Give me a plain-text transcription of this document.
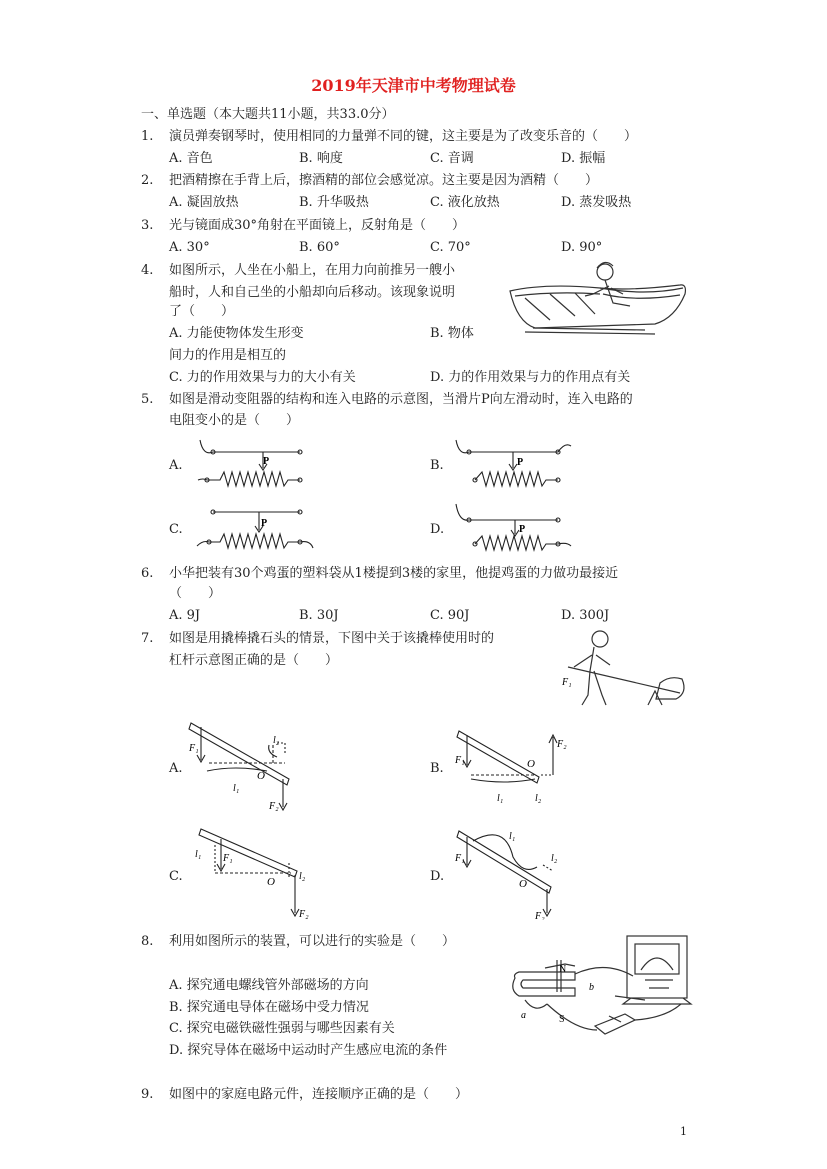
2019年天津市中考物理试卷
一、单选题（本大题共11小题，共33.0分）
1. 演员弹奏钢琴时，使用相同的力量弹不同的键，这主要是为了改变乐音的（　　）
A. 音色	B. 响度	C. 音调	D. 振幅
2. 把酒精擦在手背上后，擦酒精的部位会感觉凉。这主要是因为酒精（　　）
A. 凝固放热	B. 升华吸热	C. 液化放热	D. 蒸发吸热
3. 光与镜面成30°角射在平面镜上，反射角是（　　）
A. 30°	B. 60°	C. 70°	D. 90°
4. 如图所示，人坐在小船上，在用力向前推另一艘小
船时，人和自己坐的小船却向后移动。该现象说明
了（　　）
A. 力能使物体发生形变	B. 物体
间力的作用是相互的
C. 力的作用效果与力的大小有关	D. 力的作用效果与力的作用点有关
5. 如图是滑动变阻器的结构和连入电路的示意图，当滑片P向左滑动时，连入电路的
电阻变小的是（　　）
A.	B.
C.	D.
P	P
P
P
6. 小华把装有30个鸡蛋的塑料袋从1楼提到3楼的家里，他提鸡蛋的力做功最接近
（　　）
A. 9J	B. 30J	C. 90J	D. 300J
7. 如图是用撬棒撬石头的情景，下图中关于该撬棒使用时的
杠杆示意图正确的是（　　）
F₁
A.	B.
C.	D.
F₁
l₁
l₂
O
F₂
F₁
l₁	l₂
O
F₂
l₁ F₁
O l₂
F₂
F₁
l₁
l₂
O
F₂
8. 利用如图所示的装置，可以进行的实验是（　　）
A. 探究通电螺线管外部磁场的方向
B. 探究通电导体在磁场中受力情况
C. 探究电磁铁磁性强弱与哪些因素有关
D. 探究导体在磁场中运动时产生感应电流的条件
N
S
a
b
9. 如图中的家庭电路元件，连接顺序正确的是（　　）
1
